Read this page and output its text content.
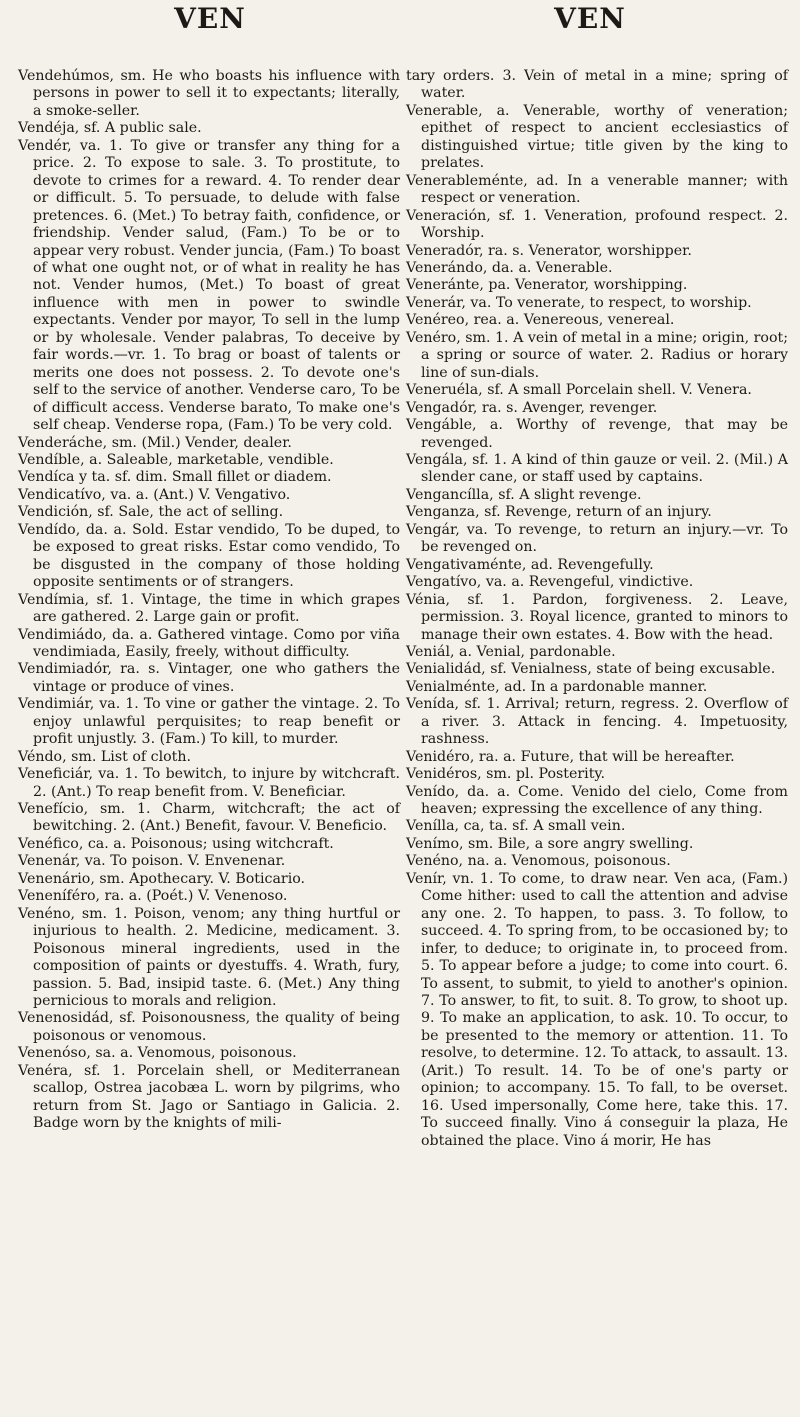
VEN	VEN

Vendehúmos, sm. He who boasts his influence with persons in power to sell it to expectants; literally, a smoke-seller.

Vendéja, sf. A public sale.

Vendér, va. 1. To give or transfer any thing for a price. 2. To expose to sale. 3. To prostitute, to devote to crimes for a reward. 4. To render dear or difficult. 5. To persuade, to delude with false pretences. 6. (Met.) To betray faith, confidence, or friendship. Vender salud, (Fam.) To be or to appear very robust. Vender juncia, (Fam.) To boast of what one ought not, or of what in reality he has not. Vender humos, (Met.) To boast of great influence with men in power to swindle expectants. Vender por mayor, To sell in the lump or by wholesale. Vender palabras, To deceive by fair words.—vr. 1. To brag or boast of talents or merits one does not possess. 2. To devote one's self to the service of another. Venderse caro, To be of difficult access. Venderse barato, To make one's self cheap. Venderse ropa, (Fam.) To be very cold.

Venderáche, sm. (Mil.) Vender, dealer.

Vendíble, a. Saleable, marketable, vendible.

Vendíca y ta. sf. dim. Small fillet or diadem.

Vendicatívo, va. a. (Ant.) V. Vengativo.

Vendición, sf. Sale, the act of selling.

Vendído, da. a. Sold. Estar vendido, To be duped, to be exposed to great risks. Estar como vendido, To be disgusted in the company of those holding opposite sentiments or of strangers.

Vendímia, sf. 1. Vintage, the time in which grapes are gathered. 2. Large gain or profit.

Vendimiádo, da. a. Gathered vintage. Como por viña vendimiada, Easily, freely, without difficulty.

Vendimiadór, ra. s. Vintager, one who gathers the vintage or produce of vines.

Vendimiár, va. 1. To vine or gather the vintage. 2. To enjoy unlawful perquisites; to reap benefit or profit unjustly. 3. (Fam.) To kill, to murder.

Véndo, sm. List of cloth.

Veneficiár, va. 1. To bewitch, to injure by witchcraft. 2. (Ant.) To reap benefit from. V. Beneficiar.

Venefício, sm. 1. Charm, witchcraft; the act of bewitching. 2. (Ant.) Benefit, favour. V. Beneficio.

Venéfico, ca. a. Poisonous; using witchcraft.

Venenár, va. To poison. V. Envenenar.

Venenário, sm. Apothecary. V. Boticario.

Veneníféro, ra. a. (Poét.) V. Venenoso.

Venéno, sm. 1. Poison, venom; any thing hurtful or injurious to health. 2. Medicine, medicament. 3. Poisonous mineral ingredients, used in the composition of paints or dyestuffs. 4. Wrath, fury, passion. 5. Bad, insipid taste. 6. (Met.) Any thing pernicious to morals and religion.

Venenosidád, sf. Poisonousness, the quality of being poisonous or venomous.

Venenóso, sa. a. Venomous, poisonous.

Venéra, sf. 1. Porcelain shell, or Mediterranean scallop, Ostrea jacobæa L. worn by pilgrims, who return from St. Jago or Santiago in Galicia. 2. Badge worn by the knights of mili-

tary orders. 3. Vein of metal in a mine; spring of water.

Venerable, a. Venerable, worthy of veneration; epithet of respect to ancient ecclesiastics of distinguished virtue; title given by the king to prelates.

Venerableménte, ad. In a venerable manner; with respect or veneration.

Veneración, sf. 1. Veneration, profound respect. 2. Worship.

Veneradór, ra. s. Venerator, worshipper.

Venerándo, da. a. Venerable.

Veneránte, pa. Venerator, worshipping.

Venerár, va. To venerate, to respect, to worship.

Venéreo, rea. a. Venereous, venereal.

Venéro, sm. 1. A vein of metal in a mine; origin, root; a spring or source of water. 2. Radius or horary line of sun-dials.

Veneruéla, sf. A small Porcelain shell. V. Venera.

Vengadór, ra. s. Avenger, revenger.

Vengáble, a. Worthy of revenge, that may be revenged.

Vengála, sf. 1. A kind of thin gauze or veil. 2. (Mil.) A slender cane, or staff used by captains.

Vengancílla, sf. A slight revenge.

Venganza, sf. Revenge, return of an injury.

Vengár, va. To revenge, to return an injury.—vr. To be revenged on.

Vengativaménte, ad. Revengefully.

Vengatívo, va. a. Revengeful, vindictive.

Vénia, sf. 1. Pardon, forgiveness. 2. Leave, permission. 3. Royal licence, granted to minors to manage their own estates. 4. Bow with the head.

Veniál, a. Venial, pardonable.

Venialidád, sf. Venialness, state of being excusable.

Venialménte, ad. In a pardonable manner.

Venída, sf. 1. Arrival; return, regress. 2. Overflow of a river. 3. Attack in fencing. 4. Impetuosity, rashness.

Venidéro, ra. a. Future, that will be hereafter.

Venidéros, sm. pl. Posterity.

Venído, da. a. Come. Venido del cielo, Come from heaven; expressing the excellence of any thing.

Venílla, ca, ta. sf. A small vein.

Venímo, sm. Bile, a sore angry swelling.

Venéno, na. a. Venomous, poisonous.

Venír, vn. 1. To come, to draw near. Ven aca, (Fam.) Come hither: used to call the attention and advise any one. 2. To happen, to pass. 3. To follow, to succeed. 4. To spring from, to be occasioned by; to infer, to deduce; to originate in, to proceed from. 5. To appear before a judge; to come into court. 6. To assent, to submit, to yield to another's opinion. 7. To answer, to fit, to suit. 8. To grow, to shoot up. 9. To make an application, to ask. 10. To occur, to be presented to the memory or attention. 11. To resolve, to determine. 12. To attack, to assault. 13. (Arit.) To result. 14. To be of one's party or opinion; to accompany. 15. To fall, to be overset. 16. Used impersonally, Come here, take this. 17. To succeed finally. Vino á conseguir la plaza, He obtained the place. Vino á morir, He has
